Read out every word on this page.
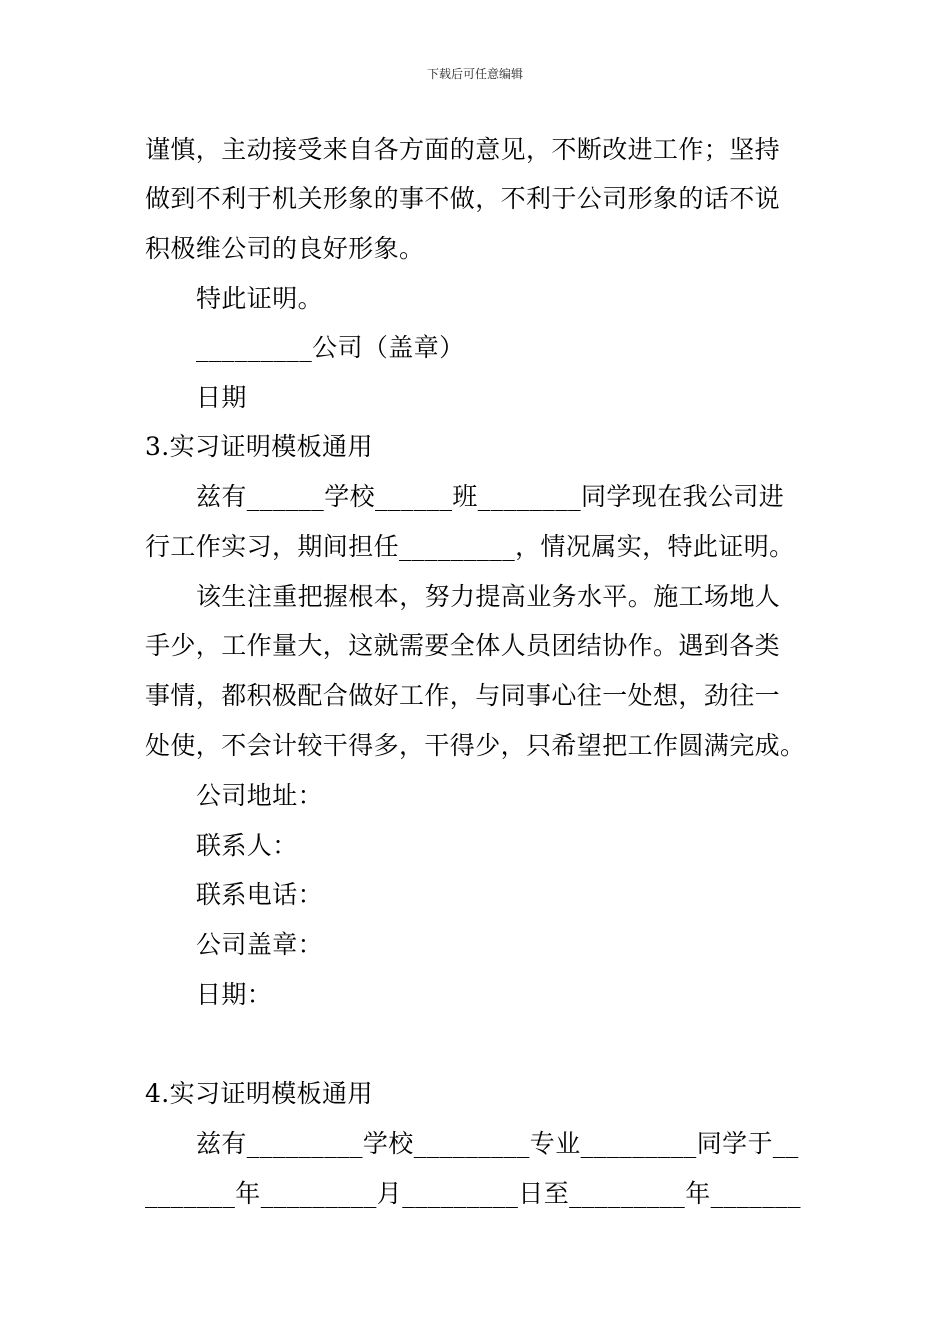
下载后可任意编辑
谨慎，主动接受来自各方面的意见，不断改进工作；坚持
做到不利于机关形象的事不做，不利于公司形象的话不说
积极维公司的良好形象。
特此证明。
_________公司（盖章）
日期
3.实习证明模板通用
兹有______学校______班________同学现在我公司进
行工作实习，期间担任_________，情况属实，特此证明。
该生注重把握根本，努力提高业务水平。施工场地人
手少，工作量大，这就需要全体人员团结协作。遇到各类
事情，都积极配合做好工作，与同事心往一处想，劲往一
处使，不会计较干得多，干得少，只希望把工作圆满完成。
公司地址：
联系人：
联系电话：
公司盖章：
日期：
4.实习证明模板通用
兹有_________学校_________专业_________同学于__
_______年_________月_________日至_________年_______
